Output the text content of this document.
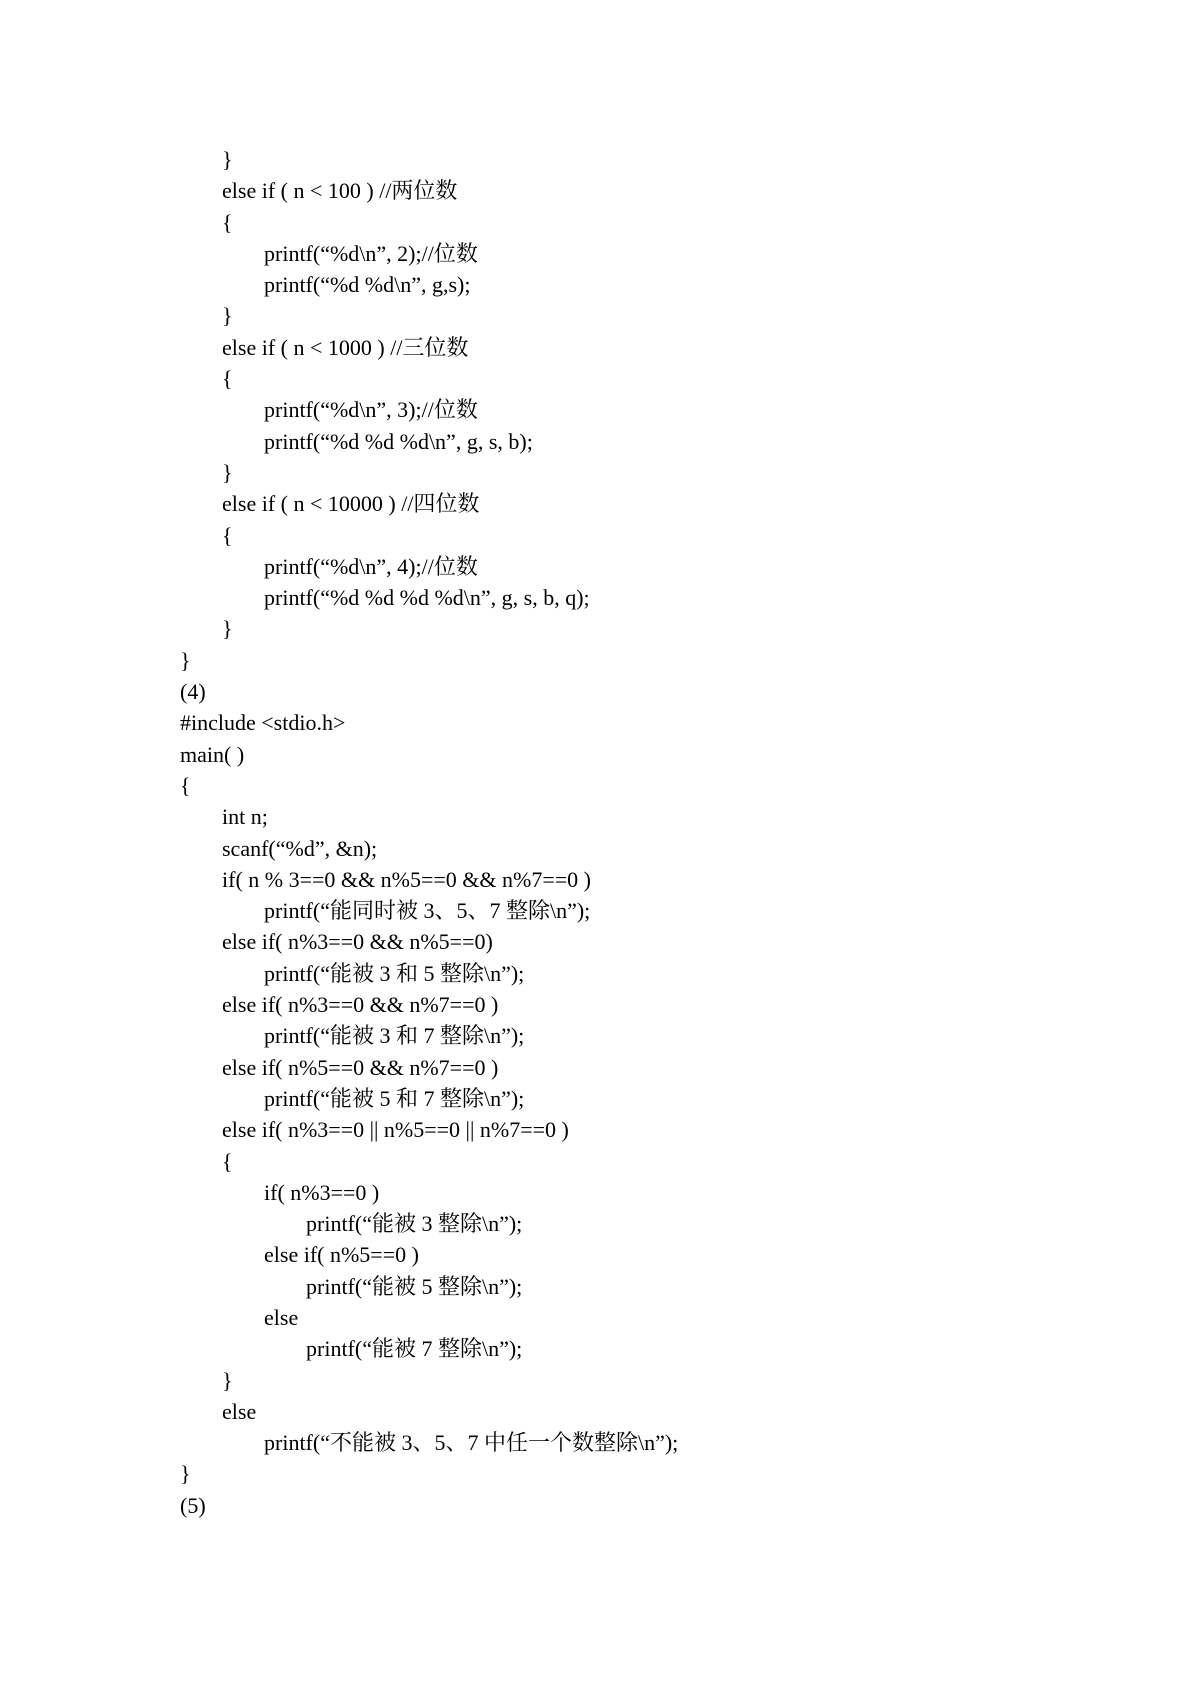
}
else if ( n < 100 ) //两位数
{
printf(“%d\n”, 2);//位数
printf(“%d %d\n”, g,s);
}
else if ( n < 1000 ) //三位数
{
printf(“%d\n”, 3);//位数
printf(“%d %d %d\n”, g, s, b);
}
else if ( n < 10000 ) //四位数
{
printf(“%d\n”, 4);//位数
printf(“%d %d %d %d\n”, g, s, b, q);
}
}
(4)
#include <stdio.h>
main( )
{
int n;
scanf(“%d”, &n);
if( n % 3==0 && n%5==0 && n%7==0 )
printf(“能同时被 3、5、7 整除\n”);
else if( n%3==0 && n%5==0)
printf(“能被 3 和 5 整除\n”);
else if( n%3==0 && n%7==0 )
printf(“能被 3 和 7 整除\n”);
else if( n%5==0 && n%7==0 )
printf(“能被 5 和 7 整除\n”);
else if( n%3==0 || n%5==0 || n%7==0 )
{
if( n%3==0 )
printf(“能被 3 整除\n”);
else if( n%5==0 )
printf(“能被 5 整除\n”);
else
printf(“能被 7 整除\n”);
}
else
printf(“不能被 3、5、7 中任一个数整除\n”);
}
(5)
